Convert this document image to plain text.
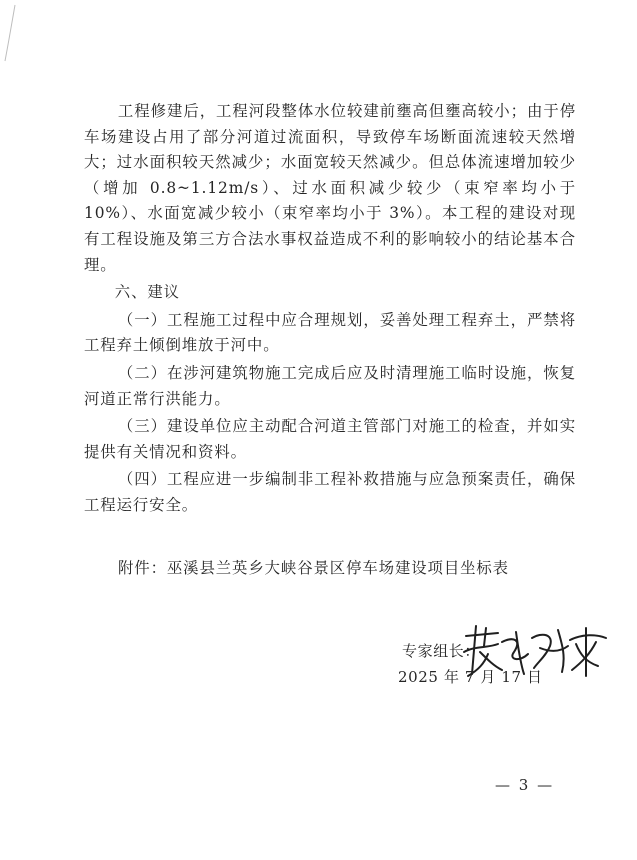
工程修建后，工程河段整体水位较建前壅高但壅高较小；由于停车场建设占用了部分河道过流面积，导致停车场断面流速较天然增大；过水面积较天然减少；水面宽较天然减少。但总体流速增加较少（增加 0.8~1.12m/s）、过水面积减少较少（束窄率均小于 10%）、水面宽减少较小（束窄率均小于 3%）。本工程的建设对现有工程设施及第三方合法水事权益造成不利的影响较小的结论基本合理。

六、建议

（一）工程施工过程中应合理规划，妥善处理工程弃土，严禁将工程弃土倾倒堆放于河中。

（二）在涉河建筑物施工完成后应及时清理施工临时设施，恢复河道正常行洪能力。

（三）建设单位应主动配合河道主管部门对施工的检查，并如实提供有关情况和资料。

（四）工程应进一步编制非工程补救措施与应急预案责任，确保工程运行安全。

附件：巫溪县兰英乡大峡谷景区停车场建设项目坐标表
专家组长：
2025 年 7 月 17 日
— 3 —
